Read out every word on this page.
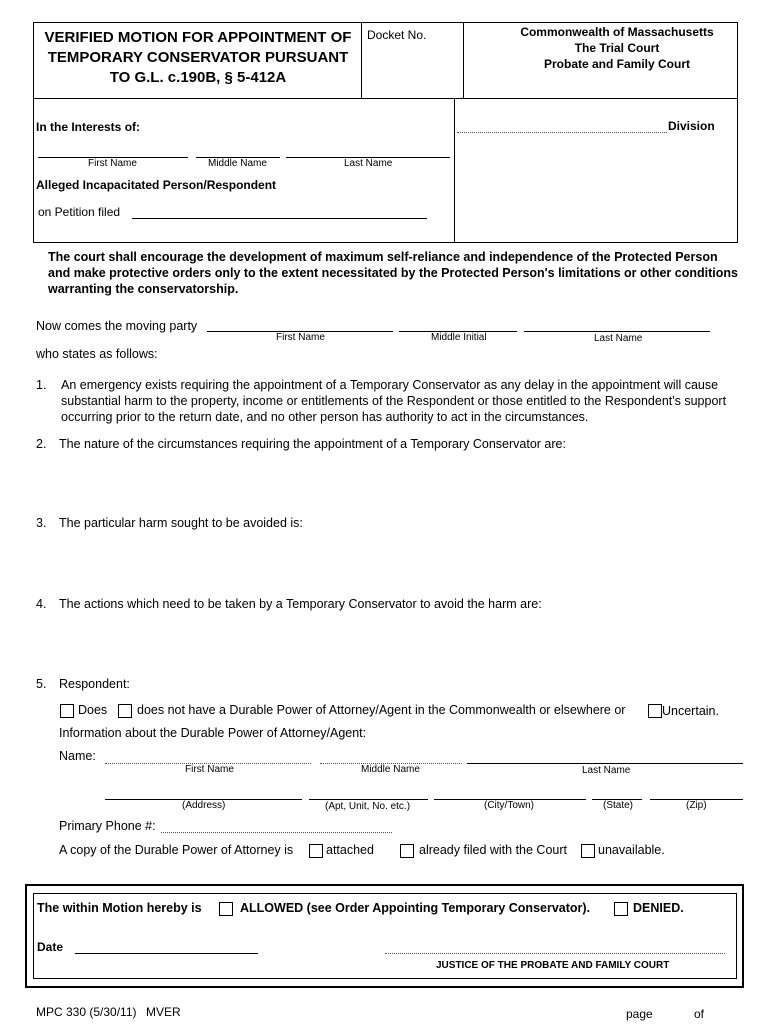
VERIFIED MOTION FOR APPOINTMENT OF
TEMPORARY CONSERVATOR PURSUANT
TO G.L. c.190B, § 5-412A
Docket No.	Commonwealth of Massachusetts
The Trial Court
Probate and Family Court
In the Interests of:
First Name	Middle Name	Last Name
Alleged Incapacitated Person/Respondent
on Petition filed
Division
The court shall encourage the development of maximum self-reliance and independence of the Protected Person and make protective orders only to the extent necessitated by the Protected Person's limitations or other conditions warranting the conservatorship.
Now comes the moving party
First Name	Middle Initial	Last Name
who states as follows:
1. An emergency exists requiring the appointment of a Temporary Conservator as any delay in the appointment will cause substantial harm to the property, income or entitlements of the Respondent or those entitled to the Respondent's support occurring prior to the return date, and no other person has authority to act in the circumstances.
2. The nature of the circumstances requiring the appointment of a Temporary Conservator are:
3. The particular harm sought to be avoided is:
4. The actions which need to be taken by a Temporary Conservator to avoid the harm are:
5. Respondent:
Does does not have a Durable Power of Attorney/Agent in the Commonwealth or elsewhere or	Uncertain.
Information about the Durable Power of Attorney/Agent:
Name:
First Name	Middle Name	Last Name
(Address)	(Apt, Unit, No. etc.)	(City/Town)	(State)	(Zip)
Primary Phone #:
A copy of the Durable Power of Attorney is	attached	already filed with the Court unavailable.
The within Motion hereby is	ALLOWED (see Order Appointing Temporary Conservator).	DENIED.
Date
JUSTICE OF THE PROBATE AND FAMILY COURT
MPC 330 (5/30/11) MVER	page	of
